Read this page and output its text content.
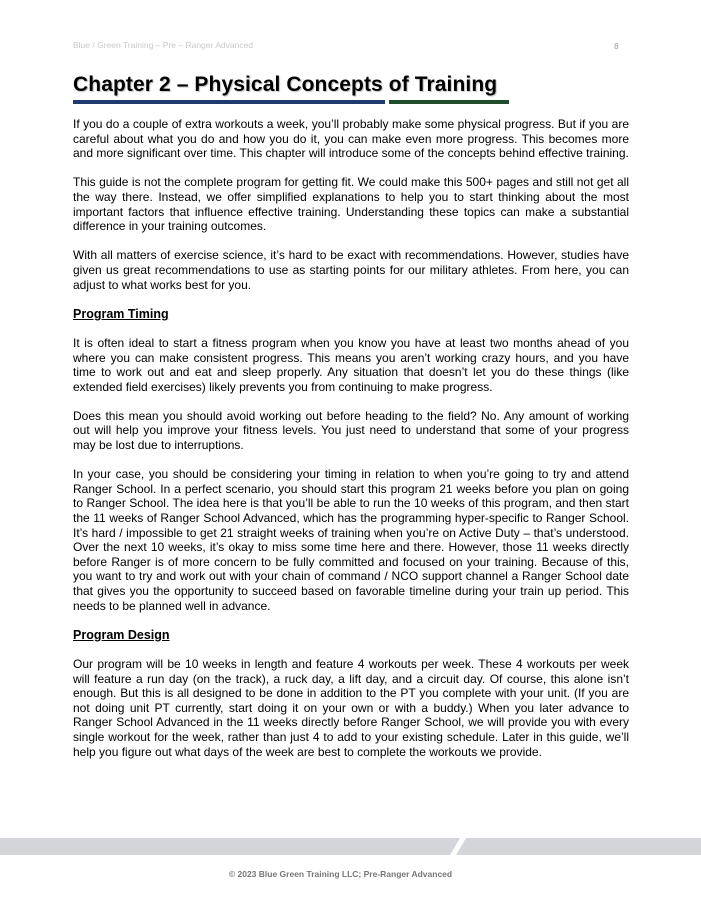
Blue / Green Training – Pre – Ranger Advanced	8
Chapter 2 – Physical Concepts of Training

If you do a couple of extra workouts a week, you’ll probably make some physical progress. But if you are careful about what you do and how you do it, you can make even more progress. This becomes more and more significant over time. This chapter will introduce some of the concepts behind effective training.

This guide is not the complete program for getting fit. We could make this 500+ pages and still not get all the way there. Instead, we offer simplified explanations to help you to start thinking about the most important factors that influence effective training. Understanding these topics can make a substantial difference in your training outcomes.

With all matters of exercise science, it’s hard to be exact with recommendations. However, studies have given us great recommendations to use as starting points for our military athletes. From here, you can adjust to what works best for you.

Program Timing

It is often ideal to start a fitness program when you know you have at least two months ahead of you where you can make consistent progress. This means you aren’t working crazy hours, and you have time to work out and eat and sleep properly. Any situation that doesn’t let you do these things (like extended field exercises) likely prevents you from continuing to make progress.

Does this mean you should avoid working out before heading to the field? No. Any amount of working out will help you improve your fitness levels. You just need to understand that some of your progress may be lost due to interruptions.

In your case, you should be considering your timing in relation to when you’re going to try and attend Ranger School. In a perfect scenario, you should start this program 21 weeks before you plan on going to Ranger School. The idea here is that you’ll be able to run the 10 weeks of this program, and then start the 11 weeks of Ranger School Advanced, which has the programming hyper-specific to Ranger School. It’s hard / impossible to get 21 straight weeks of training when you’re on Active Duty – that’s understood. Over the next 10 weeks, it’s okay to miss some time here and there. However, those 11 weeks directly before Ranger is of more concern to be fully committed and focused on your training. Because of this, you want to try and work out with your chain of command / NCO support channel a Ranger School date that gives you the opportunity to succeed based on favorable timeline during your train up period. This needs to be planned well in advance.

Program Design

Our program will be 10 weeks in length and feature 4 workouts per week. These 4 workouts per week will feature a run day (on the track), a ruck day, a lift day, and a circuit day. Of course, this alone isn’t enough. But this is all designed to be done in addition to the PT you complete with your unit. (If you are not doing unit PT currently, start doing it on your own or with a buddy.) When you later advance to Ranger School Advanced in the 11 weeks directly before Ranger School, we will provide you with every single workout for the week, rather than just 4 to add to your existing schedule. Later in this guide, we’ll help you figure out what days of the week are best to complete the workouts we provide.

© 2023 Blue Green Training LLC; Pre-Ranger Advanced
